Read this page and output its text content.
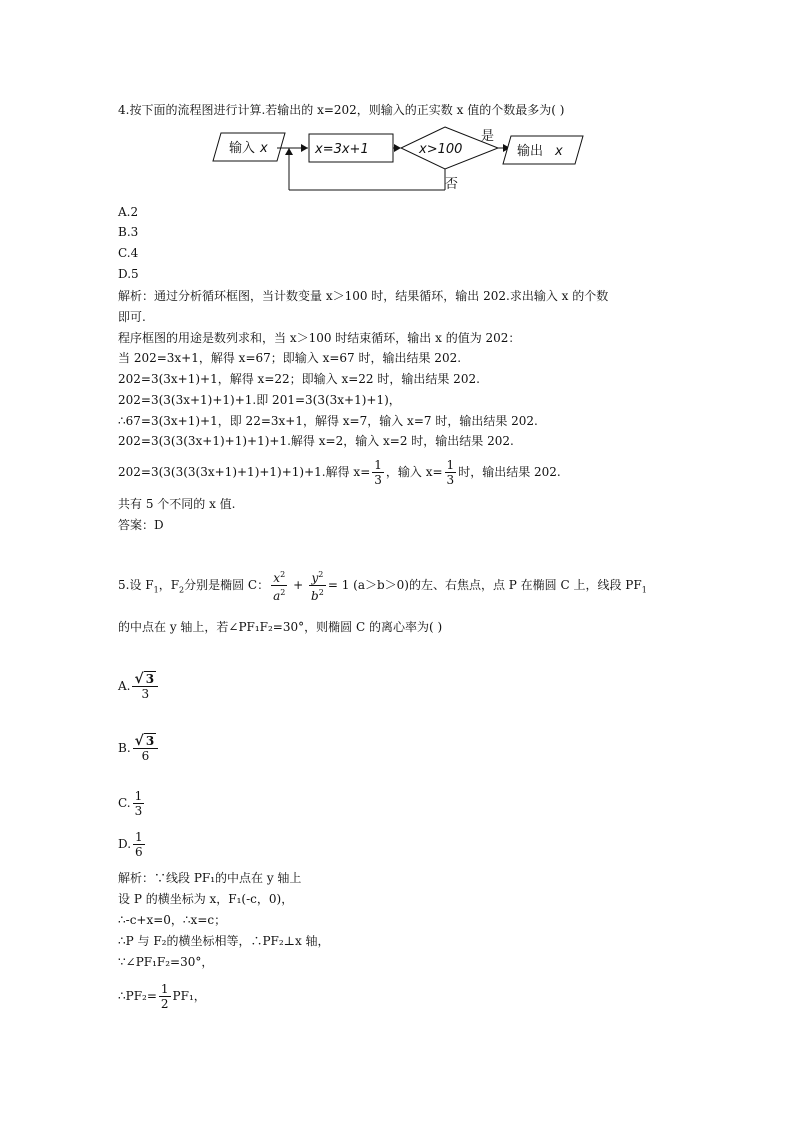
4.按下面的流程图进行计算.若输出的 x=202，则输入的正实数 x 值的个数最多为( )
输入 x	x=3x+1	x>100
是
输出 x
否
A.2
B.3
C.4
D.5
解析：通过分析循环框图，当计数变量 x＞100 时，结果循环，输出 202.求出输入 x 的个数
即可.
程序框图的用途是数列求和，当 x＞100 时结束循环，输出 x 的值为 202：
当 202=3x+1，解得 x=67；即输入 x=67 时，输出结果 202.
202=3(3x+1)+1，解得 x=22；即输入 x=22 时，输出结果 202.
202=3(3(3x+1)+1)+1.即 201=3(3(3x+1)+1)，
∴67=3(3x+1)+1，即 22=3x+1，解得 x=7，输入 x=7 时，输出结果 202.
202=3(3(3(3x+1)+1)+1)+1.解得 x=2，输入 x=2 时，输出结果 202.
202=3(3(3(3(3x+1)+1)+1)+1)+1.解得 $x= \frac{1}{3}$ ，输入 $x= \frac{1}{3}$ 时，输出结果 202.
共有 5 个不同的 x 值.
答案：D
5.设 $F_1$，$F_2$分别是椭圆 C： $\frac{x^2}{a^2} + \frac{y^2}{b^2} = 1$ (a＞b＞0)的左、右焦点，点 P 在椭圆 C 上，线段 $PF_1$
的中点在 y 轴上，若∠PF₁F₂=30°，则椭圆 C 的离心率为( )
A. $\frac{√ 3}{3}$
B. $\frac{√ 3}{6}$
C. $\frac{1}{3}$
D. $\frac{1}{6}$
解析：∵线段 PF₁的中点在 y 轴上
设 P 的横坐标为 x，F₁(-c，0)，
∴-c+x=0，∴x=c；
∴P 与 F₂的横坐标相等，∴PF₂⊥x 轴，
∵∠PF₁F₂=30°，
∴PF₂= $\frac{1}{2} PF_1$，
